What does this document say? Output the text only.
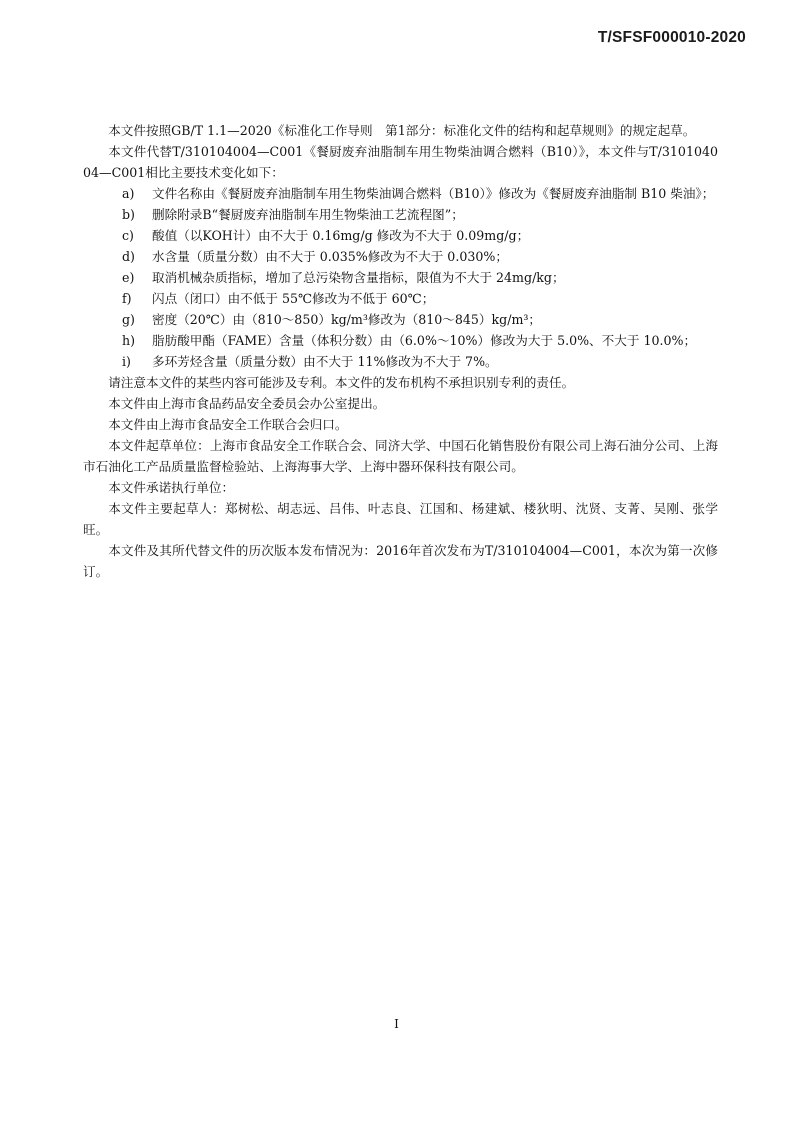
T/SFSF000010-2020

本文件按照GB/T 1.1—2020《标准化工作导则　第1部分：标准化文件的结构和起草规则》的规定起草。

本文件代替T/310104004—C001《餐厨废弃油脂制车用生物柴油调合燃料（B10）》，本文件与T/310104004—C001相比主要技术变化如下：

a) 文件名称由《餐厨废弃油脂制车用生物柴油调合燃料（B10）》修改为《餐厨废弃油脂制 B10 柴油》；
b) 删除附录B“餐厨废弃油脂制车用生物柴油工艺流程图”；
c) 酸值（以KOH计）由不大于 0.16mg/g 修改为不大于 0.09mg/g；
d) 水含量（质量分数）由不大于 0.035%修改为不大于 0.030%；
e) 取消机械杂质指标，增加了总污染物含量指标，限值为不大于 24mg/kg；
f) 闪点（闭口）由不低于 55℃修改为不低于 60℃；
g) 密度（20℃）由（810～850）kg/m³修改为（810～845）kg/m³；
h) 脂肪酸甲酯（FAME）含量（体积分数）由（6.0%～10%）修改为大于 5.0%、不大于 10.0%；
i) 多环芳烃含量（质量分数）由不大于 11%修改为不大于 7%。

请注意本文件的某些内容可能涉及专利。本文件的发布机构不承担识别专利的责任。

本文件由上海市食品药品安全委员会办公室提出。

本文件由上海市食品安全工作联合会归口。

本文件起草单位：上海市食品安全工作联合会、同济大学、中国石化销售股份有限公司上海石油分公司、上海市石油化工产品质量监督检验站、上海海事大学、上海中器环保科技有限公司。

本文件承诺执行单位：

本文件主要起草人：郑树松、胡志远、吕伟、叶志良、江国和、杨建斌、楼狄明、沈贤、支菁、吴刚、张学旺。

本文件及其所代替文件的历次版本发布情况为：2016年首次发布为T/310104004—C001，本次为第一次修订。

I
